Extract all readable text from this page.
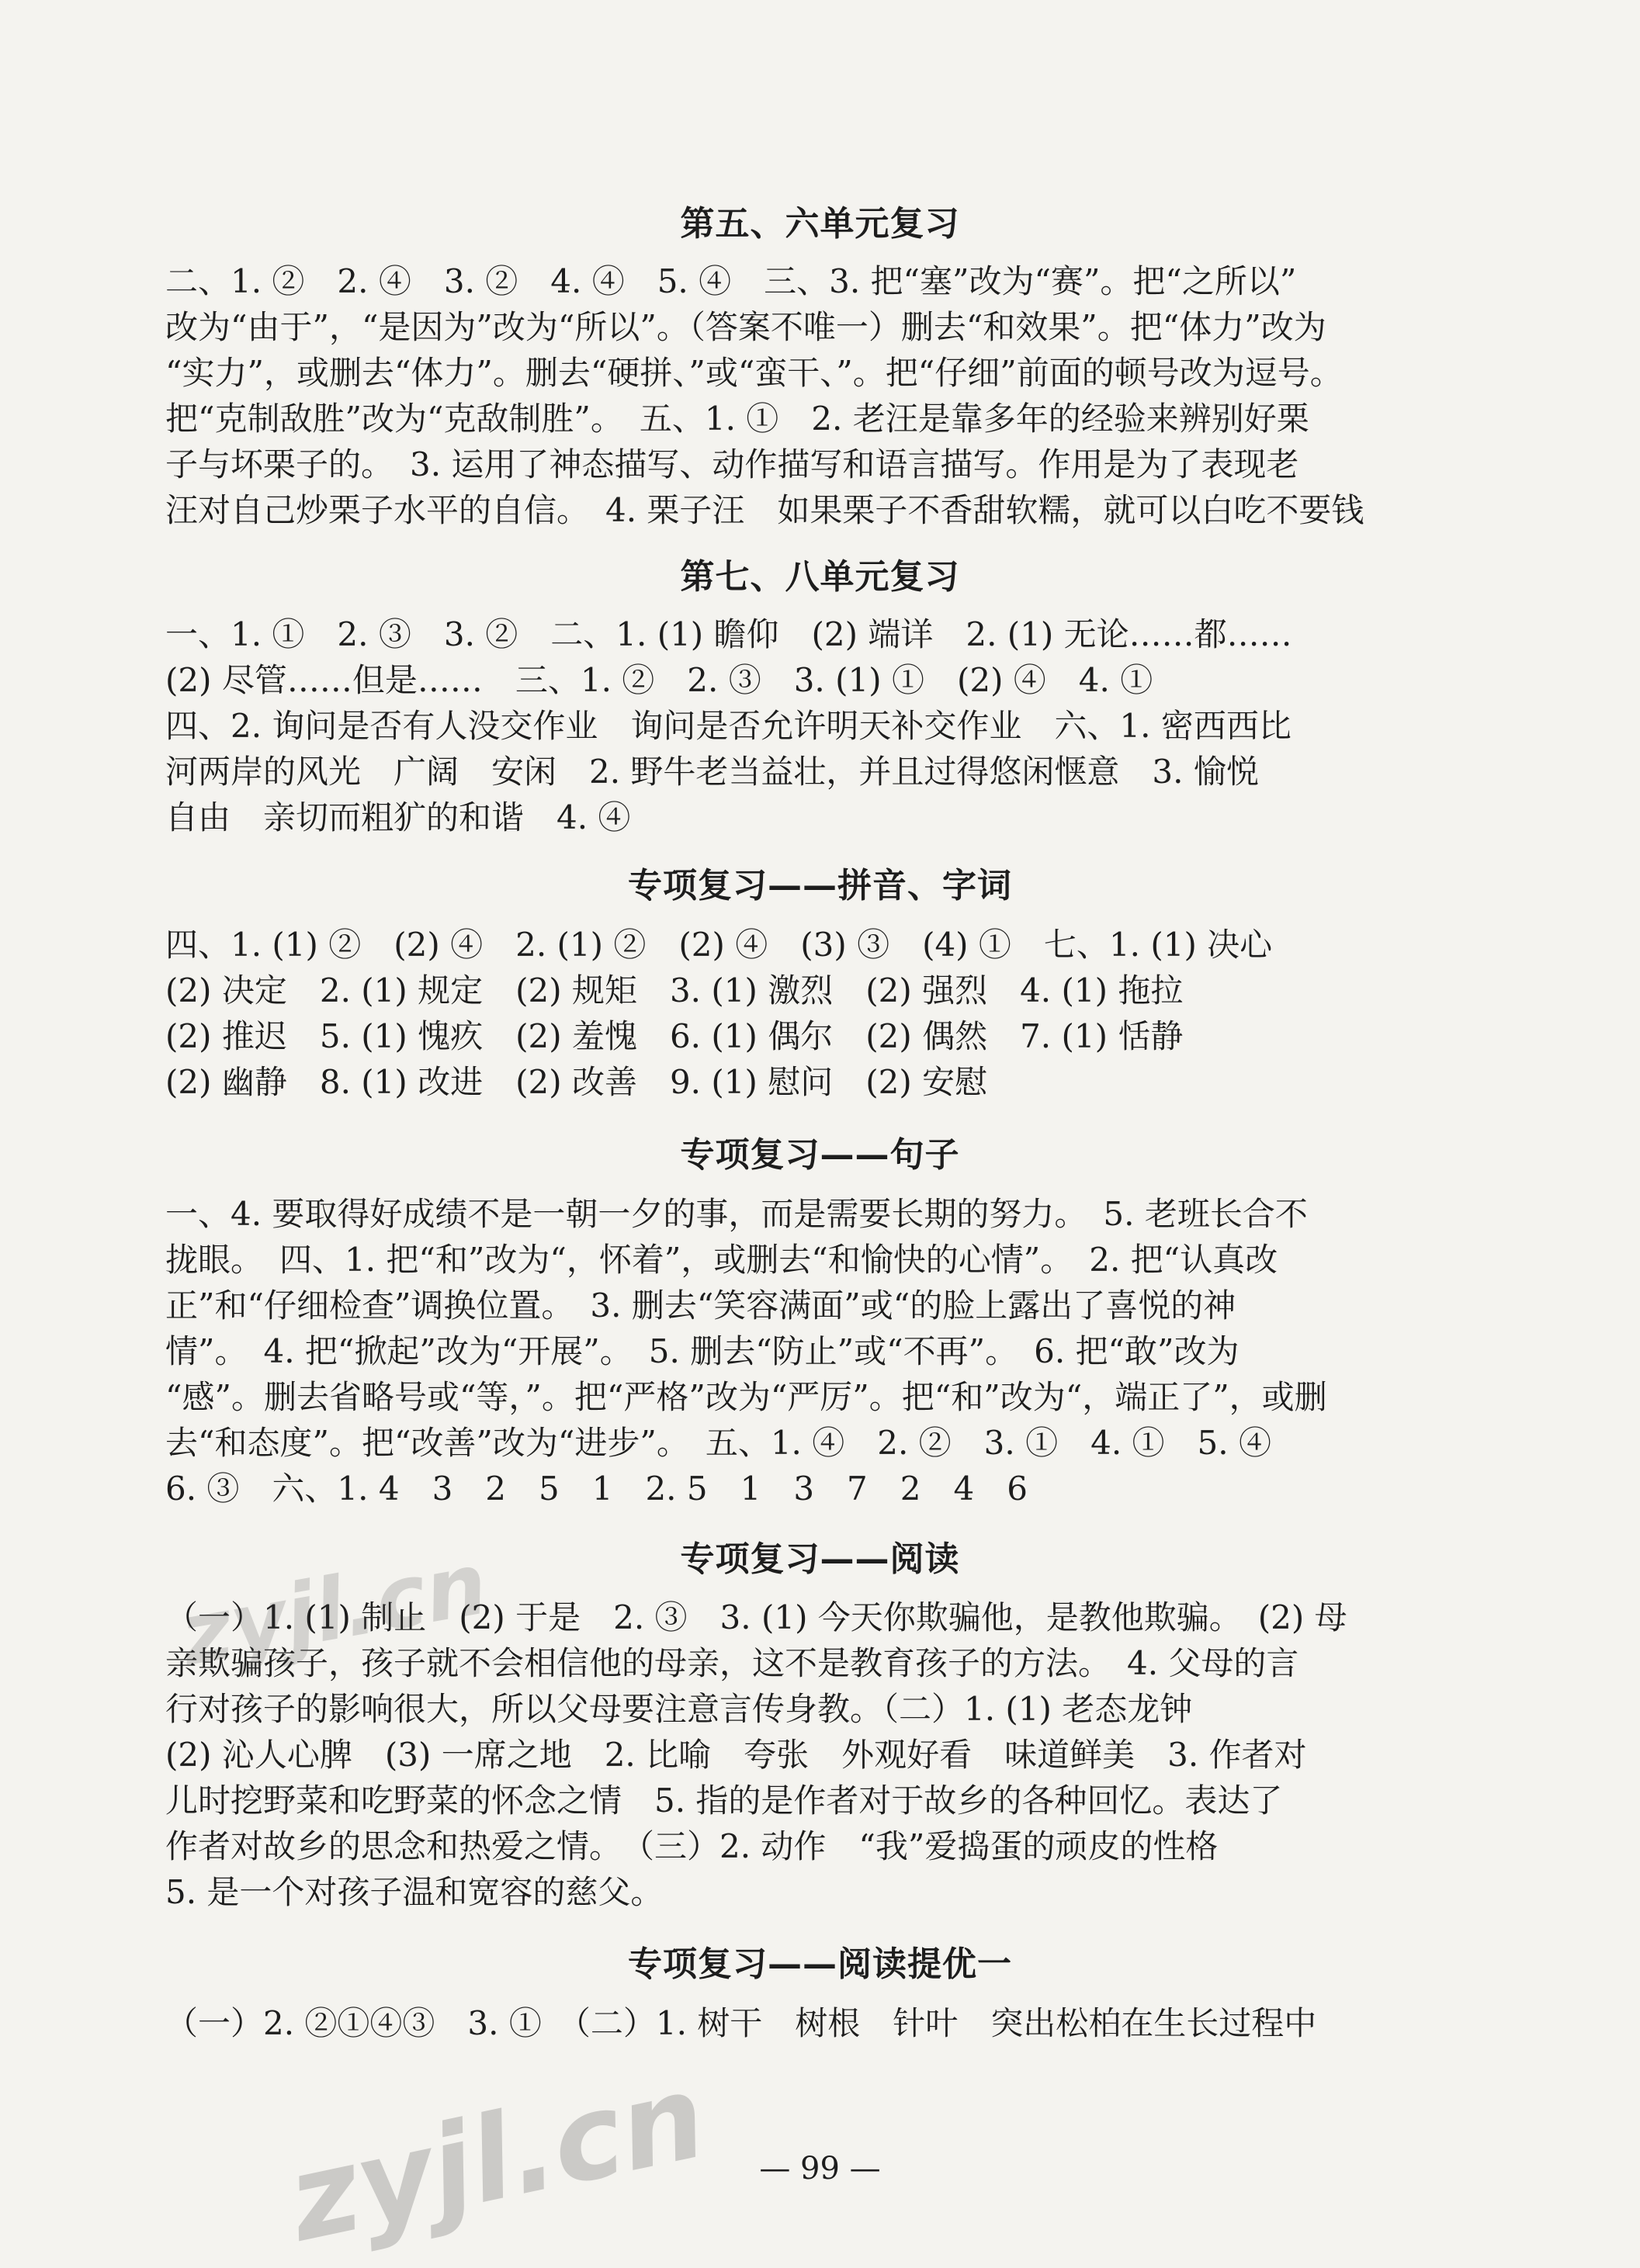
第五、六单元复习
二、1. ②　2. ④　3. ②　4. ④　5. ④　三、3. 把“塞”改为“赛”。把“之所以”
改为“由于”，“是因为”改为“所以”。（答案不唯一）删去“和效果”。把“体力”改为
“实力”，或删去“体力”。删去“硬拼、”或“蛮干、”。把“仔细”前面的顿号改为逗号。
把“克制敌胜”改为“克敌制胜”。　五、1. ①　2. 老汪是靠多年的经验来辨别好栗
子与坏栗子的。　3. 运用了神态描写、动作描写和语言描写。作用是为了表现老
汪对自己炒栗子水平的自信。　4. 栗子汪　如果栗子不香甜软糯，就可以白吃不要钱
第七、八单元复习
一、1. ①　2. ③　3. ②　二、1. (1) 瞻仰　(2) 端详　2. (1) 无论……都……
(2) 尽管……但是……　三、1. ②　2. ③　3. (1) ①　(2) ④　4. ①
四、2. 询问是否有人没交作业　询问是否允许明天补交作业　六、1. 密西西比
河两岸的风光　广阔　安闲　2. 野牛老当益壮，并且过得悠闲惬意　3. 愉悦
自由　亲切而粗犷的和谐　4. ④
专项复习——拼音、字词
四、1. (1) ②　(2) ④　2. (1) ②　(2) ④　(3) ③　(4) ①　七、1. (1) 决心
(2) 决定　2. (1) 规定　(2) 规矩　3. (1) 激烈　(2) 强烈　4. (1) 拖拉
(2) 推迟　5. (1) 愧疚　(2) 羞愧　6. (1) 偶尔　(2) 偶然　7. (1) 恬静
(2) 幽静　8. (1) 改进　(2) 改善　9. (1) 慰问　(2) 安慰
专项复习——句子
一、4. 要取得好成绩不是一朝一夕的事，而是需要长期的努力。　5. 老班长合不
拢眼。　四、1. 把“和”改为“，怀着”，或删去“和愉快的心情”。　2. 把“认真改
正”和“仔细检查”调换位置。　3. 删去“笑容满面”或“的脸上露出了喜悦的神
情”。　4. 把“掀起”改为“开展”。　5. 删去“防止”或“不再”。　6. 把“敢”改为
“感”。删去省略号或“等，”。把“严格”改为“严厉”。把“和”改为“，端正了”，或删
去“和态度”。把“改善”改为“进步”。　五、1. ④　2. ②　3. ①　4. ①　5. ④
6. ③　六、1. 4　3　2　5　1　2. 5　1　3　7　2　4　6
专项复习——阅读
（一）1. (1) 制止　(2) 于是　2. ③　3. (1) 今天你欺骗他，是教他欺骗。　(2) 母
亲欺骗孩子，孩子就不会相信他的母亲，这不是教育孩子的方法。　4. 父母的言
行对孩子的影响很大，所以父母要注意言传身教。（二）1. (1) 老态龙钟
(2) 沁人心脾　(3) 一席之地　2. 比喻　夸张　外观好看　味道鲜美　3. 作者对
儿时挖野菜和吃野菜的怀念之情　5. 指的是作者对于故乡的各种回忆。表达了
作者对故乡的思念和热爱之情。　（三）2. 动作　“我”爱捣蛋的顽皮的性格
5. 是一个对孩子温和宽容的慈父。
专项复习——阅读提优一
（一）2. ②①④③　3. ①　（二）1. 树干　树根　针叶　突出松柏在生长过程中
— 99 —
zyjl.cn
zyjl.cn
